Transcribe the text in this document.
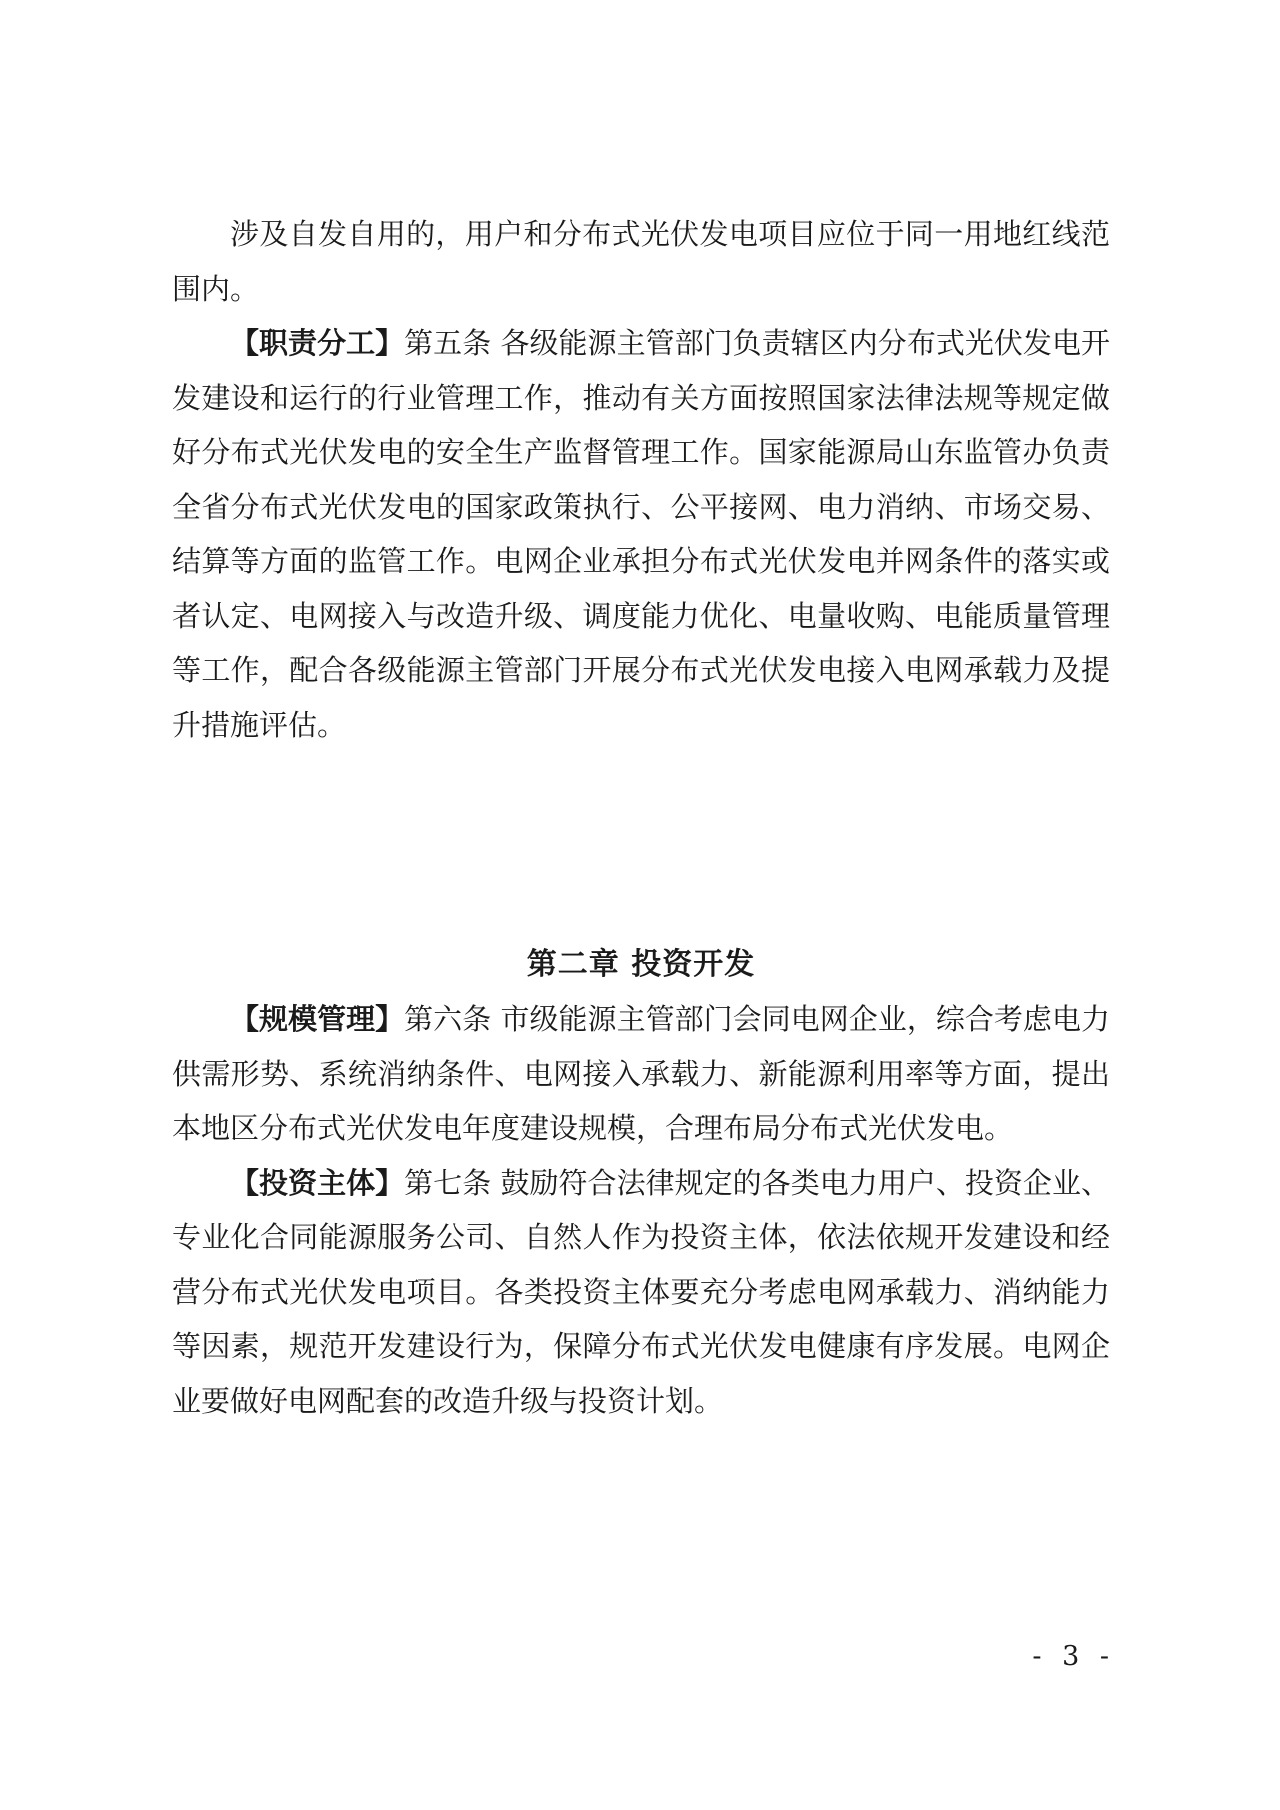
涉及自发自用的，用户和分布式光伏发电项目应位于同一用地红线范围内。

【职责分工】第五条 各级能源主管部门负责辖区内分布式光伏发电开发建设和运行的行业管理工作，推动有关方面按照国家法律法规等规定做好分布式光伏发电的安全生产监督管理工作。国家能源局山东监管办负责全省分布式光伏发电的国家政策执行、公平接网、电力消纳、市场交易、结算等方面的监管工作。电网企业承担分布式光伏发电并网条件的落实或者认定、电网接入与改造升级、调度能力优化、电量收购、电能质量管理等工作，配合各级能源主管部门开展分布式光伏发电接入电网承载力及提升措施评估。

第二章 投资开发

【规模管理】第六条 市级能源主管部门会同电网企业，综合考虑电力供需形势、系统消纳条件、电网接入承载力、新能源利用率等方面，提出本地区分布式光伏发电年度建设规模，合理布局分布式光伏发电。

【投资主体】第七条 鼓励符合法律规定的各类电力用户、投资企业、专业化合同能源服务公司、自然人作为投资主体，依法依规开发建设和经营分布式光伏发电项目。各类投资主体要充分考虑电网承载力、消纳能力等因素，规范开发建设行为，保障分布式光伏发电健康有序发展。电网企业要做好电网配套的改造升级与投资计划。

- 3 -
